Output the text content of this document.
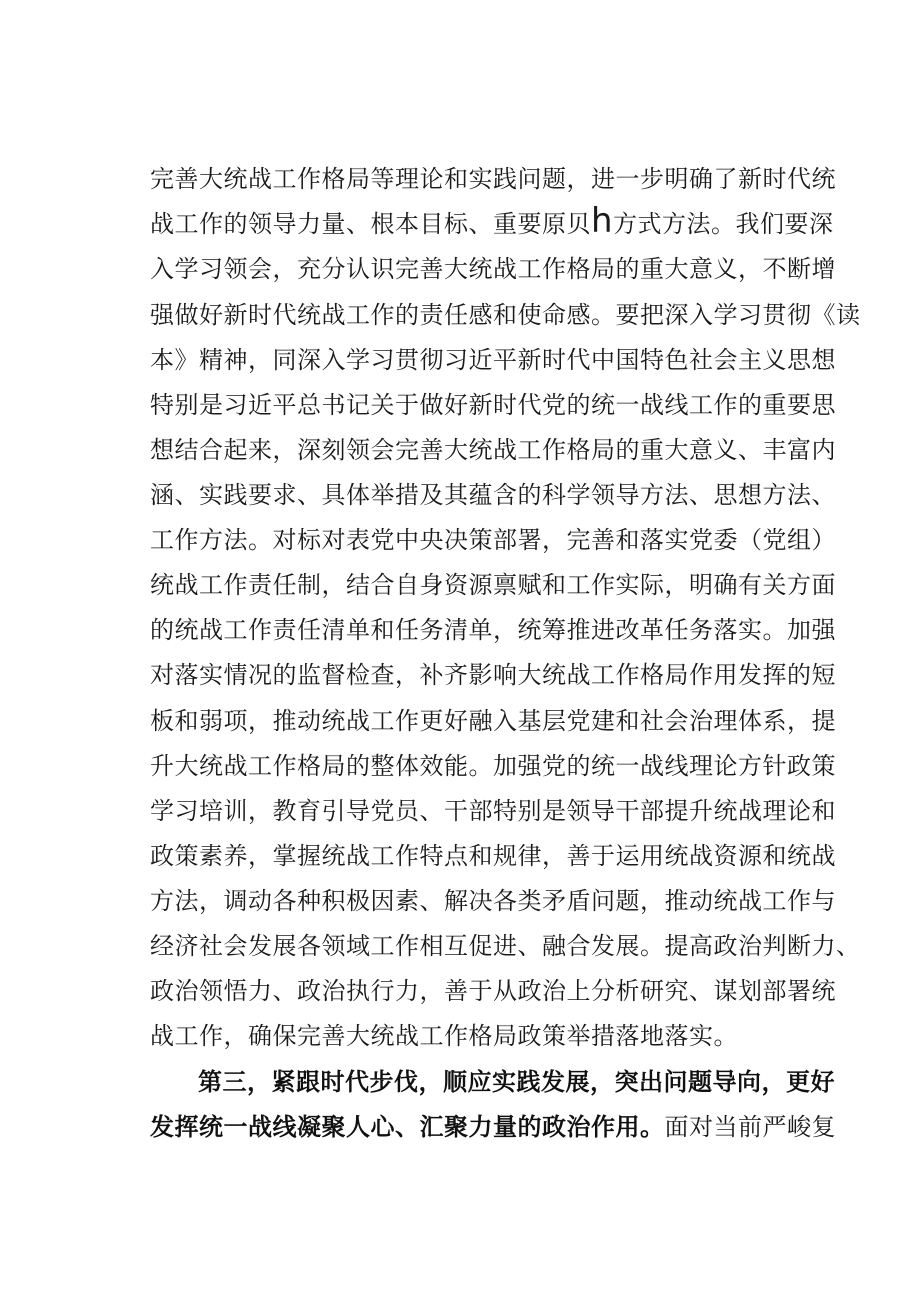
完善大统战工作格局等理论和实践问题，进一步明确了新时代统
战工作的领导力量、根本目标、重要原贝h方式方法。我们要深
入学习领会，充分认识完善大统战工作格局的重大意义，不断增
强做好新时代统战工作的责任感和使命感。要把深入学习贯彻《读
本》精神，同深入学习贯彻习近平新时代中国特色社会主义思想
特别是习近平总书记关于做好新时代党的统一战线工作的重要思
想结合起来，深刻领会完善大统战工作格局的重大意义、丰富内
涵、实践要求、具体举措及其蕴含的科学领导方法、思想方法、
工作方法。对标对表党中央决策部署，完善和落实党委（党组）
统战工作责任制，结合自身资源禀赋和工作实际，明确有关方面
的统战工作责任清单和任务清单，统筹推进改革任务落实。加强
对落实情况的监督检查，补齐影响大统战工作格局作用发挥的短
板和弱项，推动统战工作更好融入基层党建和社会治理体系，提
升大统战工作格局的整体效能。加强党的统一战线理论方针政策
学习培训，教育引导党员、干部特别是领导干部提升统战理论和
政策素养，掌握统战工作特点和规律，善于运用统战资源和统战
方法，调动各种积极因素、解决各类矛盾问题，推动统战工作与
经济社会发展各领域工作相互促进、融合发展。提高政治判断力、
政治领悟力、政治执行力，善于从政治上分析研究、谋划部署统
战工作，确保完善大统战工作格局政策举措落地落实。
第三，紧跟时代步伐，顺应实践发展，突出问题导向，更好
发挥统一战线凝聚人心、汇聚力量的政治作用。面对当前严峻复
